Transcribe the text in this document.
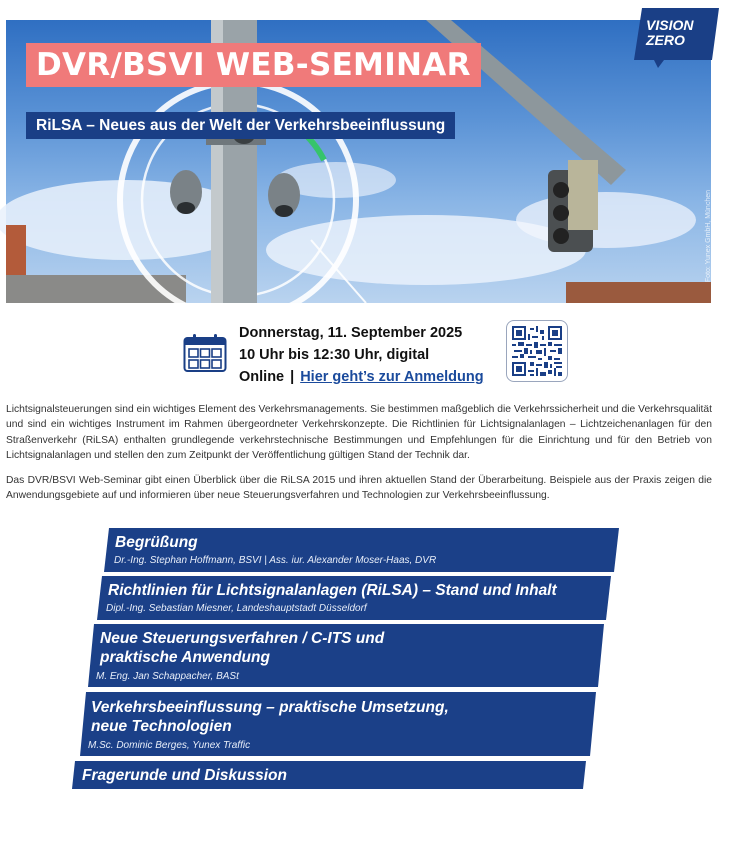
DVR/BSVI WEB-SEMINAR
RiLSA – Neues aus der Welt der Verkehrsbeeinflussung
Foto: Yunex GmbH, München
VISION
ZERO
Donnerstag, 11. September 2025
10 Uhr bis 12:30 Uhr, digital
Online | Hier geht’s zur Anmeldung
Lichtsignalsteuerungen sind ein wichtiges Element des Verkehrsmanagements. Sie bestimmen maßgeblich die Verkehrssicherheit und die Verkehrsqualität und sind ein wichtiges Instrument im Rahmen übergeordneter Verkehrskonzepte. Die Richtlinien für Lichtsignalanlagen – Lichtzeichenanlagen für den Straßenverkehr (RiLSA) enthalten grundlegende verkehrstechnische Bestimmungen und Empfehlungen für die Einrichtung und für den Betrieb von Lichtsignalanlagen und stellen den zum Zeitpunkt der Veröffentlichung gültigen Stand der Technik dar.
Das DVR/BSVI Web-Seminar gibt einen Überblick über die RiLSA 2015 und ihren aktuellen Stand der Überarbeitung. Beispiele aus der Praxis zeigen die Anwendungsgebiete auf und informieren über neue Steuerungsverfahren und Technologien zur Verkehrsbeeinflussung.
Begrüßung
Dr.-Ing. Stephan Hoffmann, BSVI | Ass. iur. Alexander Moser-Haas, DVR
Richtlinien für Lichtsignalanlagen (RiLSA) – Stand und Inhalt
Dipl.-Ing. Sebastian Miesner, Landeshauptstadt Düsseldorf
Neue Steuerungsverfahren / C-ITS und
praktische Anwendung
M. Eng. Jan Schappacher, BASt
Verkehrsbeeinflussung – praktische Umsetzung,
neue Technologien
M.Sc. Dominic Berges, Yunex Traffic
Fragerunde und Diskussion
